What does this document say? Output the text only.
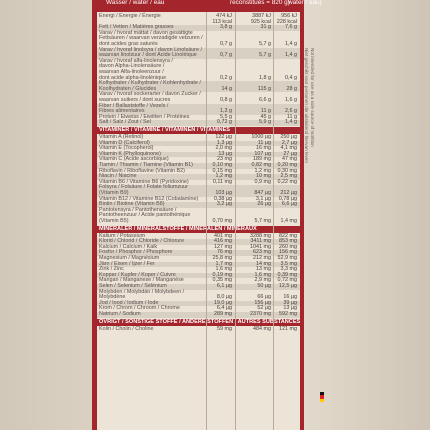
Wasser / water / eau	reconstitués = 820 g)
water / eau)
Energi / Energie / Énergie	474 kJ	3887 kJ	956 kJ
113 kcal	925 kcal	228 kcal
Fett / Vetten / Matières grasses	3,8 g	31 g	7,6 g
Varav / hvoraf mättat / davon gesättigte
Fettsäuren / waarvan verzadigde vetzuren /
dont acides gras saturés	0,7 g	5,7 g	1,4 g
Varav / hvoraf linolsyra / davon Linolsäure /
waarvan linolzuur / dont Acide Linoléique	0,7 g	5,7 g	1,4 g
Varav / hvoraf alfa-linolensyra /
davon Alpha-Linolensäure /
waarvan Alfa-linoleenzuur /
dont acide alpha-linolénique	0,2 g	1,8 g	0,4 g
Kolhydrater / Kulhydrater / Kohlenhydrate /
Koolhydraten / Glucides	14 g	115 g	28 g
Varav / hvoraf sockerarter / davon Zucker /
waarvan suikers / dont sucres	0,8 g	6,6 g	1,6 g
Fiber / Ballaststoffe / Vezels /
Fibres alimentaires	1,3 g	11 g	2,6 g
Protein / Eiweiss / Eiwitten / Protéines	5,5 g	45 g	11 g
Salt / Salz / Zout / Sel	0,72 g	5,9 g	1,4 g
VITAMINER / VITAMINE / VITAMINEN / VITAMINES
Vitamin A (Retinol)	122 µg	1000 µg	250 µg
Vitamin D (Calciferol)	1,3 µg	11 µg	2,7 µg
Vitamin E (Tocopherol)	2,0 mg	16 mg	4,1 mg
Vitamin K (Phylloquinone)	13 µg	107 µg	27 µg
Vitamin C (Acide ascorbique)	23 mg	189 mg	47 mg
Tiamin / Thiamin / Tiamine (Vitamin B1)	0,10 mg	0,82 mg	0,20 mg
Riboflavin / Riboflavine (Vitamin B2)	0,15 mg	1,2 mg	0,30 mg
Niacin / Niacine	1,2 mg	10 mg	2,5 mg
Vitamin B6 / Vitamine B6 (Pyridoxine)	0,11 mg	0,9 mg	0,22 mg
Folsyra / Folsäure / Folate foliumzuur
(Vitamin B9)	103 µg	847 µg	212 µg
Vitamin B12 / Vitamine B12 (Cobalamine)	0,38 µg	3,1 µg	0,78 µg
Biotin / Biotine (Vitamin B8)	3,2 µg	26 µg	6,6 µg
Pantotensyra / Pantothensäure /
Pantotheenzuur / Acide pantothénique
(Vitamin B5)	0,70 mg	5,7 mg	1,4 mg
MINERALER / MINERALSTOFFE / MINERALEN / MINÉRAUX
Kalium / Potassium	401 mg	3288 mg	822 mg
Klorid / Chlorid / Chloride / Chlorure	416 mg	3411 mg	853 mg
Kalcium / Calcium / Kalk	127 mg	1041 mg	260 mg
Fosfor / Phosphor / Phosphore	76 mg	623 mg	156 mg
Magnesium / Magnésium	25,8 mg	212 mg	52,9 mg
Järn / Eisen / Ijzer / Fer	1,7 mg	14 mg	3,5 mg
Zink / Zinc	1,6 mg	13 mg	3,3 mg
Koppar / Kupfer / Koper / Cuivre	0,19 mg	1,6 mg	0,39 mg
Mangan / Manganese / Manganèse	0,35 mg	2,9 mg	0,72 mg
Selen / Selenium / Sélénium	6,1 µg	50 µg	12,5 µg
Molybden / Molybdän / Molybdeen /
Molybdène	8,0 µg	66 µg	16 µg
Jod / Iood / Iodium / Iode	19,0 µg	156 µg	39 µg
Krom / Chrom / Chroom / Chrome	6,4 µg	52 µg	13 µg
Natrium / Sodium	289 mg	2370 mg	592 mg
ÖVRIGT / SONSTIGE STOFFE / ANDERE STOFFEN / AUTRES SUBSTANCES
Kolin / Cholin / Choline	59 mg	484 mg	121 mg
Not intended for use as a sole source of nutrition
Niet geschikt voor personen die uitsluitend hiervan leven
